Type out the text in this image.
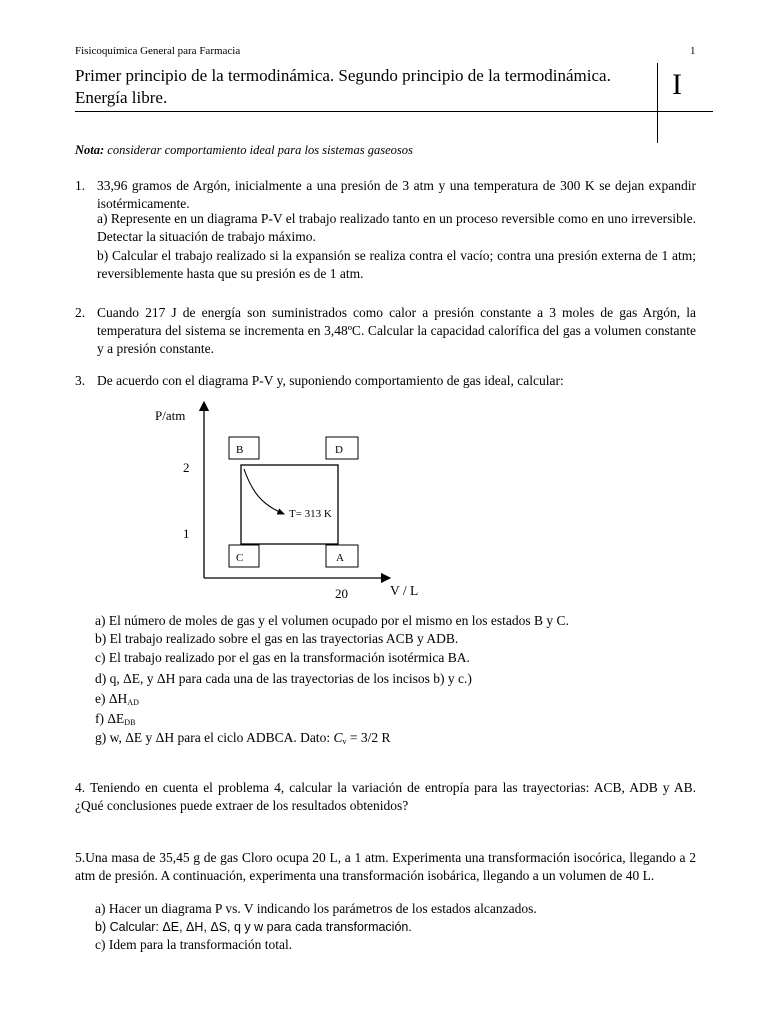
Fisicoquímica General para Farmacia	1
Primer principio de la termodinámica. Segundo principio de la termodinámica. Energía libre.	I
Nota: considerar comportamiento ideal para los sistemas gaseosos
1. 33,96 gramos de Argón, inicialmente a una presión de 3 atm y una temperatura de 300 K se dejan expandir isotérmicamente.
a) Represente en un diagrama P-V el trabajo realizado tanto en un proceso reversible como en uno irreversible. Detectar la situación de trabajo máximo.
b) Calcular el trabajo realizado si la expansión se realiza contra el vacío; contra una presión externa de 1 atm; reversiblemente hasta que su presión es de 1 atm.
2. Cuando 217 J de energía son suministrados como calor a presión constante a 3 moles de gas Argón, la temperatura del sistema se incrementa en 3,48ºC. Calcular la capacidad calorífica del gas a volumen constante y a presión constante.
3. De acuerdo con el diagrama P-V y, suponiendo comportamiento de gas ideal, calcular:
P/atm
V / L
2
1
20
B	D
C	A
T= 313 K
a) El número de moles de gas y el volumen ocupado por el mismo en los estados B y C.
b) El trabajo realizado sobre el gas en las trayectorias ACB y ADB.
c) El trabajo realizado por el gas en la transformación isotérmica BA.
d) q, ΔE, y ΔH para cada una de las trayectorias de los incisos b) y c.)
e) $\Delta H_{AD}$
f) $\Delta E_{DB}$
g) w, ΔE y ΔH para el ciclo ADBCA. Dato: $C_v = 3/2$ R
4. Teniendo en cuenta el problema 4, calcular la variación de entropía para las trayectorias: ACB, ADB y AB. ¿Qué conclusiones puede extraer de los resultados obtenidos?
5.Una masa de 35,45 g de gas Cloro ocupa 20 L, a 1 atm. Experimenta una transformación isocórica, llegando a 2 atm de presión. A continuación, experimenta una transformación isobárica, llegando a un volumen de 40 L.
a) Hacer un diagrama P vs. V indicando los parámetros de los estados alcanzados.
b) Calcular: ΔE, ΔH, ΔS, q y w para cada transformación.
c) Idem para la transformación total.
